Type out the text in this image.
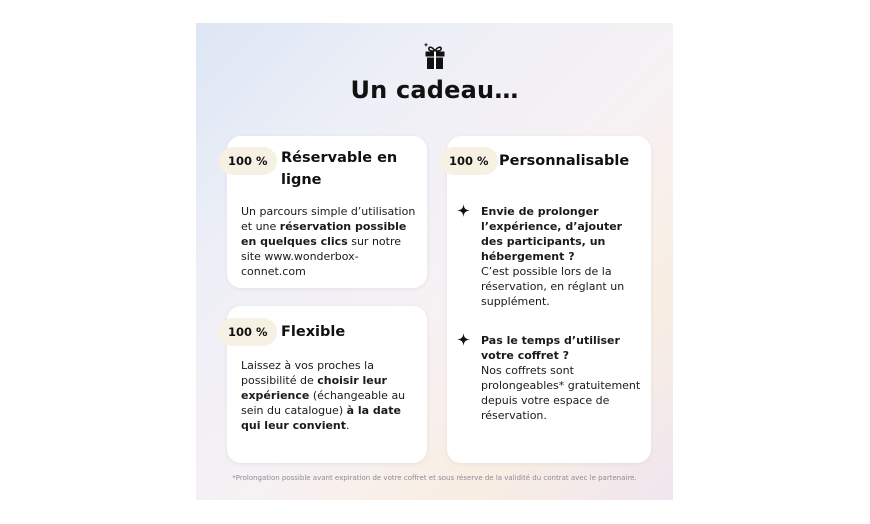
Un cadeau…
100 % Réservable en ligne
Un parcours simple d’utilisation et une réservation possible en quelques clics sur notre site www.wonderbox-connet.com
100 % Personnalisable
Envie de prolonger l’expérience, d’ajouter des participants, un hébergement ?
C’est possible lors de la réservation, en réglant un supplément.
Pas le temps d’utiliser votre coffret ?
Nos coffrets sont prolongeables* gratuitement depuis votre espace de réservation.
100 % Flexible
Laissez à vos proches la possibilité de choisir leur expérience (échangeable au sein du catalogue) à la date qui leur convient.
*Prolongation possible avant expiration de votre coffret et sous réserve de la validité du contrat avec le partenaire.
